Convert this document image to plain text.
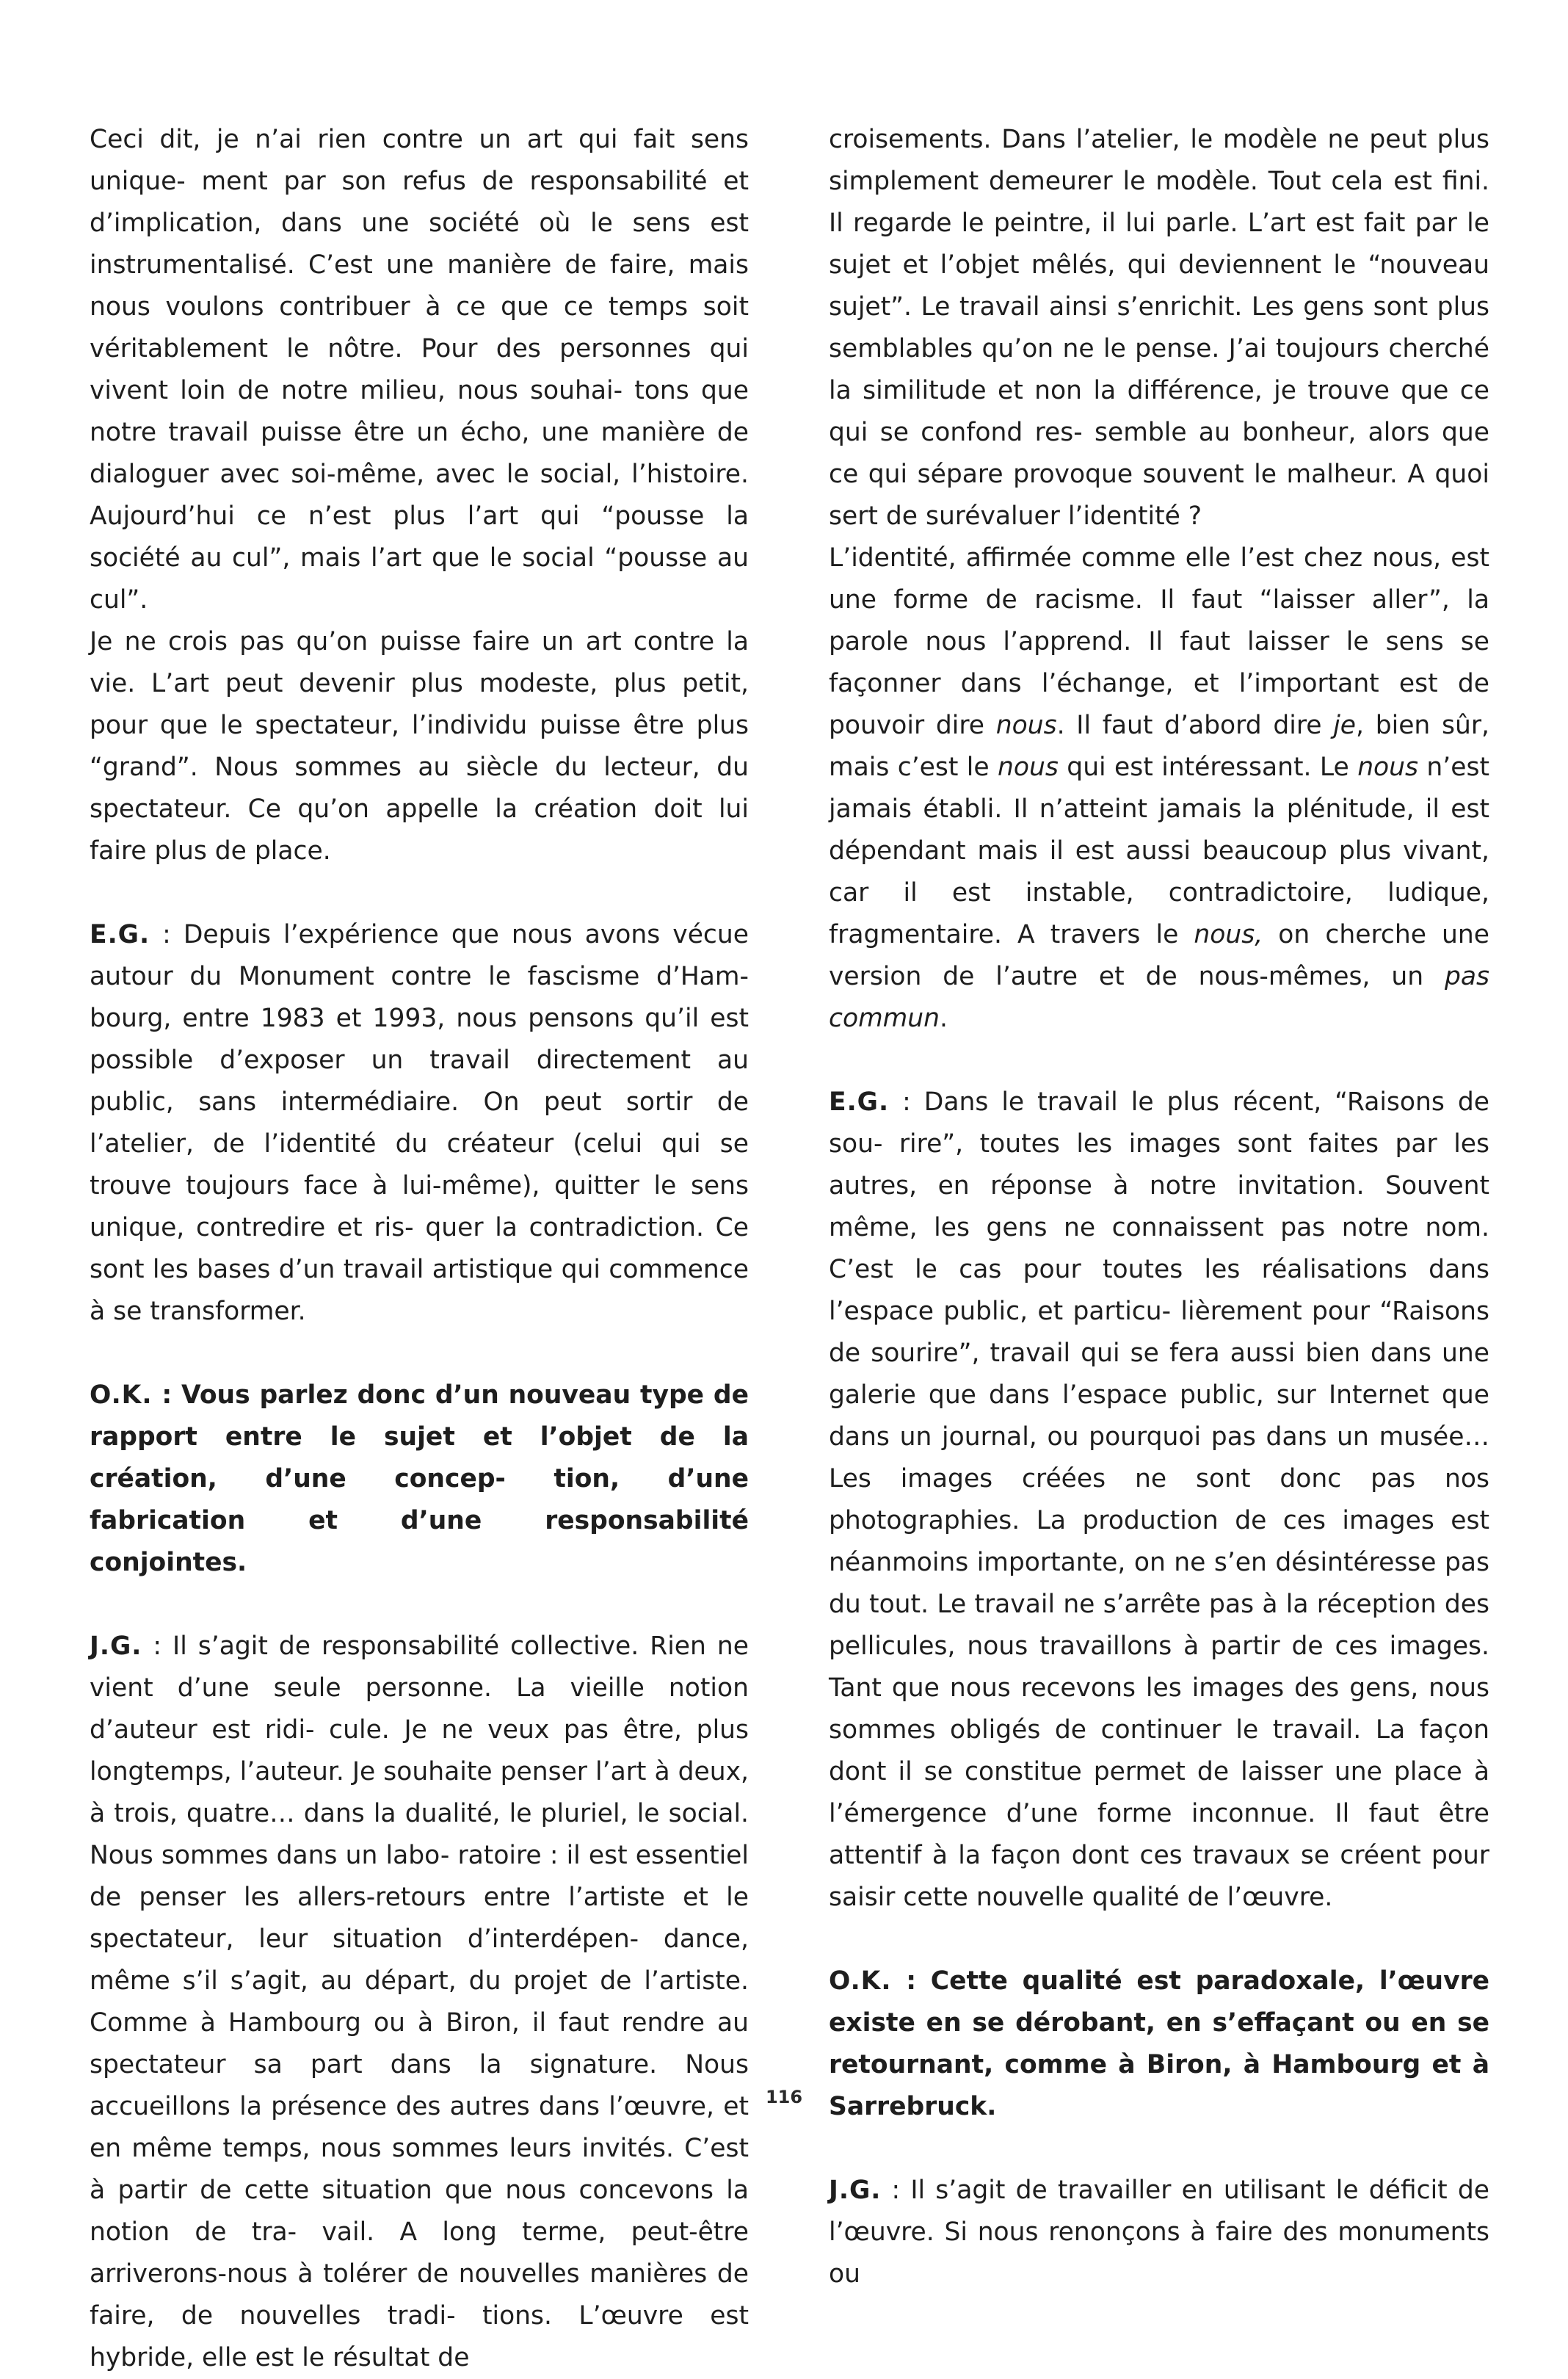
Ceci dit, je n’ai rien contre un art qui fait sens unique- ment par son refus de responsabilité et d’implication, dans une société où le sens est instrumentalisé. C’est une manière de faire, mais nous voulons contribuer à ce que ce temps soit véritablement le nôtre. Pour des personnes qui vivent loin de notre milieu, nous souhai- tons que notre travail puisse être un écho, une manière de dialoguer avec soi-même, avec le social, l’histoire. Aujourd’hui ce n’est plus l’art qui “pousse la société au cul”, mais l’art que le social “pousse au cul”.

Je ne crois pas qu’on puisse faire un art contre la vie. L’art peut devenir plus modeste, plus petit, pour que le spectateur, l’individu puisse être plus “grand”. Nous sommes au siècle du lecteur, du spectateur. Ce qu’on appelle la création doit lui faire plus de place.

E.G. : Depuis l’expérience que nous avons vécue autour du Monument contre le fascisme d’Ham- bourg, entre 1983 et 1993, nous pensons qu’il est possible d’exposer un travail directement au public, sans intermédiaire. On peut sortir de l’atelier, de l’identité du créateur (celui qui se trouve toujours face à lui-même), quitter le sens unique, contredire et ris- quer la contradiction. Ce sont les bases d’un travail artistique qui commence à se transformer.

O.K. : Vous parlez donc d’un nouveau type de rapport entre le sujet et l’objet de la création, d’une concep- tion, d’une fabrication et d’une responsabilité conjointes.

J.G. : Il s’agit de responsabilité collective. Rien ne vient d’une seule personne. La vieille notion d’auteur est ridi- cule. Je ne veux pas être, plus longtemps, l’auteur. Je souhaite penser l’art à deux, à trois, quatre… dans la dualité, le pluriel, le social. Nous sommes dans un labo- ratoire : il est essentiel de penser les allers-retours entre l’artiste et le spectateur, leur situation d’interdépen- dance, même s’il s’agit, au départ, du projet de l’artiste. Comme à Hambourg ou à Biron, il faut rendre au spectateur sa part dans la signature. Nous accueillons la présence des autres dans l’œuvre, et en même temps, nous sommes leurs invités. C’est à partir de cette situation que nous concevons la notion de tra- vail. A long terme, peut-être arriverons-nous à tolérer de nouvelles manières de faire, de nouvelles tradi- tions. L’œuvre est hybride, elle est le résultat de

croisements. Dans l’atelier, le modèle ne peut plus simplement demeurer le modèle. Tout cela est fini. Il regarde le peintre, il lui parle. L’art est fait par le sujet et l’objet mêlés, qui deviennent le “nouveau sujet”. Le travail ainsi s’enrichit. Les gens sont plus semblables qu’on ne le pense. J’ai toujours cherché la similitude et non la différence, je trouve que ce qui se confond res- semble au bonheur, alors que ce qui sépare provoque souvent le malheur. A quoi sert de surévaluer l’identité ?

L’identité, affirmée comme elle l’est chez nous, est une forme de racisme. Il faut “laisser aller”, la parole nous l’apprend. Il faut laisser le sens se façonner dans l’échange, et l’important est de pouvoir dire nous. Il faut d’abord dire je, bien sûr, mais c’est le nous qui est intéressant. Le nous n’est jamais établi. Il n’atteint jamais la plénitude, il est dépendant mais il est aussi beaucoup plus vivant, car il est instable, contradictoire, ludique, fragmentaire. A travers le nous, on cherche une version de l’autre et de nous-mêmes, un pas commun.

E.G. : Dans le travail le plus récent, “Raisons de sou- rire”, toutes les images sont faites par les autres, en réponse à notre invitation. Souvent même, les gens ne connaissent pas notre nom. C’est le cas pour toutes les réalisations dans l’espace public, et particu- lièrement pour “Raisons de sourire”, travail qui se fera aussi bien dans une galerie que dans l’espace public, sur Internet que dans un journal, ou pourquoi pas dans un musée… Les images créées ne sont donc pas nos photographies. La production de ces images est néanmoins importante, on ne s’en désintéresse pas du tout. Le travail ne s’arrête pas à la réception des pellicules, nous travaillons à partir de ces images. Tant que nous recevons les images des gens, nous sommes obligés de continuer le travail. La façon dont il se constitue permet de laisser une place à l’émergence d’une forme inconnue. Il faut être attentif à la façon dont ces travaux se créent pour saisir cette nouvelle qualité de l’œuvre.

O.K. : Cette qualité est paradoxale, l’œuvre existe en se dérobant, en s’effaçant ou en se retournant, comme à Biron, à Hambourg et à Sarrebruck.

J.G. : Il s’agit de travailler en utilisant le déficit de l’œuvre. Si nous renonçons à faire des monuments ou

116
